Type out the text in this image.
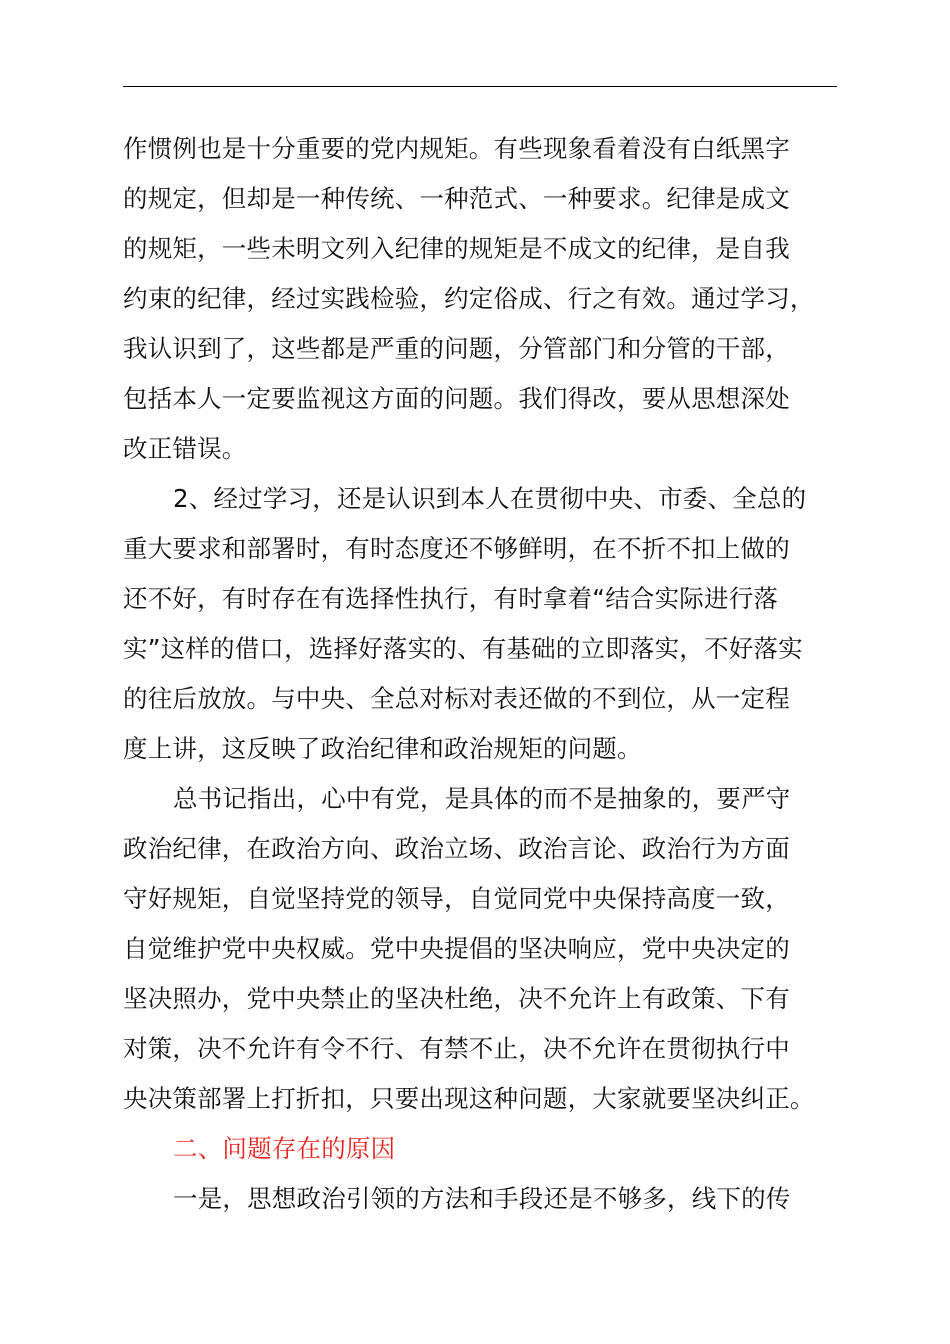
作惯例也是十分重要的党内规矩。有些现象看着没有白纸黑字
的规定，但却是一种传统、一种范式、一种要求。纪律是成文
的规矩，一些未明文列入纪律的规矩是不成文的纪律，是自我
约束的纪律，经过实践检验，约定俗成、行之有效。通过学习，
我认识到了，这些都是严重的问题，分管部门和分管的干部，
包括本人一定要监视这方面的问题。我们得改，要从思想深处
改正错误。
2、经过学习，还是认识到本人在贯彻中央、市委、全总的
重大要求和部署时，有时态度还不够鲜明，在不折不扣上做的
还不好，有时存在有选择性执行，有时拿着“结合实际进行落
实”这样的借口，选择好落实的、有基础的立即落实，不好落实
的往后放放。与中央、全总对标对表还做的不到位，从一定程
度上讲，这反映了政治纪律和政治规矩的问题。
总书记指出，心中有党，是具体的而不是抽象的，要严守
政治纪律，在政治方向、政治立场、政治言论、政治行为方面
守好规矩，自觉坚持党的领导，自觉同党中央保持高度一致，
自觉维护党中央权威。党中央提倡的坚决响应，党中央决定的
坚决照办，党中央禁止的坚决杜绝，决不允许上有政策、下有
对策，决不允许有令不行、有禁不止，决不允许在贯彻执行中
央决策部署上打折扣，只要出现这种问题，大家就要坚决纠正。
二、问题存在的原因
一是，思想政治引领的方法和手段还是不够多，线下的传
